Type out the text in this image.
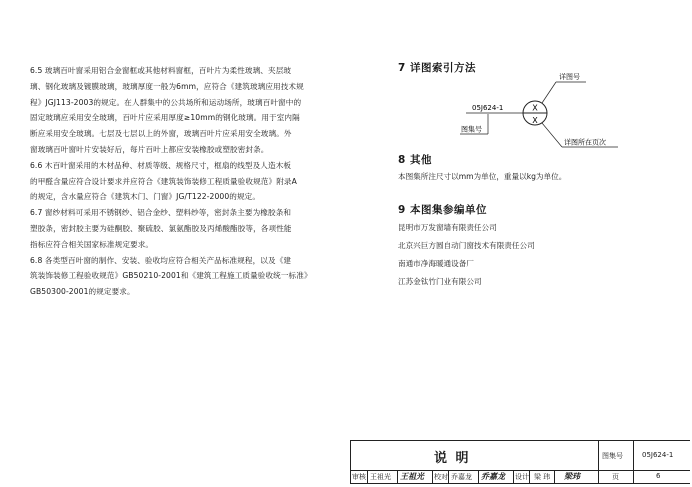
6.5 玻璃百叶窗采用铝合金窗框或其他材料窗框，百叶片为柔性玻璃、夹层玻

璃、钢化玻璃及镀膜玻璃，玻璃厚度一般为6mm，应符合《建筑玻璃应用技术规

程》JGJ113-2003的规定。在人群集中的公共场所和运动场所，玻璃百叶窗中的

固定玻璃应采用安全玻璃，百叶片应采用厚度≥10mm的钢化玻璃。用于室内隔

断应采用安全玻璃。七层及七层以上的外窗，玻璃百叶片应采用安全玻璃。外

窗玻璃百叶窗叶片安装好后，每片百叶上都应安装橡胶或塑胶密封条。

6.6 木百叶窗采用的木材品种、材质等级、规格尺寸，框扇的线型及人造木板

的甲醛含量应符合设计要求并应符合《建筑装饰装修工程质量验收规范》附录A

的规定，含水量应符合《建筑木门、门窗》JG/T122-2000的规定。

6.7 窗纱材料可采用不锈钢纱、铝合金纱、塑料纱等，密封条主要为橡胶条和

塑胶条，密封胶主要为硅酮胶、聚硫胶、氯氨酯胶及丙烯酸酯胶等，各项性能

指标应符合相关国家标准规定要求。

6.8 各类型百叶窗的制作、安装、验收均应符合相关产品标准规程，以及《建

筑装饰装修工程验收规范》GB50210-2001和《建筑工程施工质量验收统一标准》

GB50300-2001的规定要求。

7 详图索引方法
8 其他
本图集所注尺寸以mm为单位，重量以kg为单位。
9 本图集参编单位
昆明市万发窗墙有限责任公司
北京兴巨方圆自动门窗技术有限责任公司
南通市净海暖通设备厂
江苏金钛竹门业有限公司
X
X
05J624-1
图集号
详图号
详图所在页次
说 明	图集号	05J624-1
审核 王祖光 王祖光 校对 乔嘉龙 乔嘉龙 设计 梁 玮 梁玮	页	6
